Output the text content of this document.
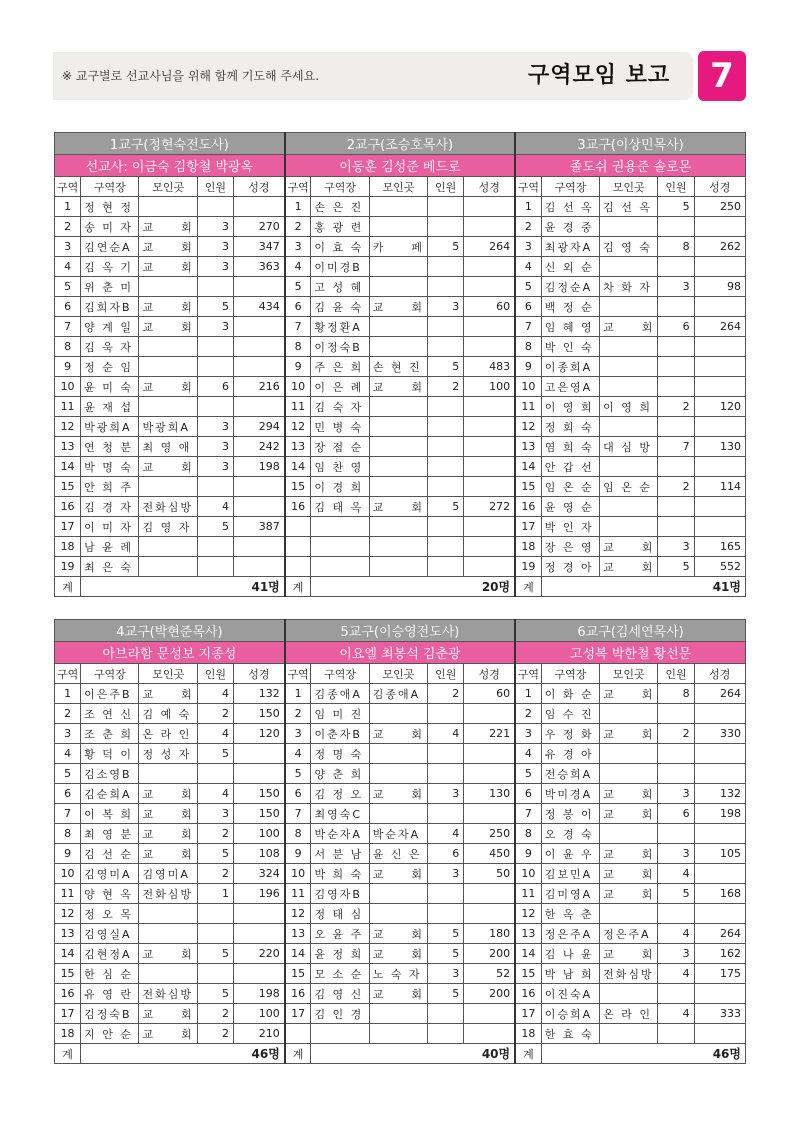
※ 교구별로 선교사님을 위해 함께 기도해 주세요.	구역모임 보고	7
1교구(정현숙전도사)					2교구(조승호목사)					3교구(이상민목사)				
선교사: 이금숙 김항철 박광옥					이동훈 김성준 베드로					졸도쉬 권용준 솔로몬				
구역	구역장	모인곳	인원	성경	구역	구역장	모인곳	인원	성경	구역	구역장	모인곳	인원	성경
1	정 현 정				1	손 은 진				1	김 선 옥	김 선 옥	5	250
2	송 미 자	교　　회	3	270	2	홍 광 련				2	윤 경 중			
3	김연순A	교　　회	3	347	3	이 효 숙	카　　페	5	264	3	최광자A	김 영 숙	8	262
4	김 옥 기	교　　회	3	363	4	이미경B				4	신 외 순			
5	위 춘 미				5	고 성 혜				5	김정순A	차 화 자	3	98
6	김희자B	교　　회	5	434	6	김 윤 숙	교　　회	3	60	6	백 정 순			
7	양 계 일	교　　회	3		7	황정환A				7	임 혜 영	교　　회	6	264
8	김 욱 자				8	이정숙B				8	박 인 숙			
9	정 순 임				9	주 은 희	손 현 진	5	483	9	이종희A			
10	윤 미 숙	교　　회	6	216	10	이 은 례	교　　회	2	100	10	고은영A			
11	윤 재 섭				11	김 숙 자				11	이 영 희	이 영 희	2	120
12	박광희A	박광희A	3	294	12	민 병 숙				12	정 회 숙			
13	연 청 분	최 영 애	3	242	13	장 점 순				13	염 희 숙	대 심 방	7	130
14	박 명 숙	교　　회	3	198	14	임 찬 영				14	안 갑 선			
15	안 희 주				15	이 경 희				15	임 온 순	임 온 순	2	114
16	김 경 자	전화심방	4		16	김 태 옥	교　　회	5	272	16	윤 영 순			
17	이 미 자	김 영 자	5	387						17	박 인 자			
18	남 윤 례									18	장 은 영	교　　회	3	165
19	최 은 숙									19	정 경 아	교　　회	5	552
계	41명				계	20명				계	41명			
4교구(박현준목사)					5교구(이승영전도사)					6교구(김세연목사)				
아브라함 문성보 지종성					이요엘 최봉석 김춘광					고성복 박한철 황선문				
구역	구역장	모인곳	인원	성경	구역	구역장	모인곳	인원	성경	구역	구역장	모인곳	인원	성경
1	이은주B	교　　회	4	132	1	김종애A	김종애A	2	60	1	이 화 순	교　　회	8	264
2	조 연 신	김 예 숙	2	150	2	임 미 진				2	임 수 진			
3	조 춘 희	온 라 인	4	120	3	이춘자B	교　　회	4	221	3	우 정 화	교　　회	2	330
4	황 덕 이	정 성 자	5		4	정 명 숙				4	유 경 아			
5	김소영B				5	양 춘 희				5	전승희A			
6	김순희A	교　　회	4	150	6	김 정 오	교　　회	3	130	6	박미경A	교　　회	3	132
7	이 복 희	교　　회	3	150	7	최영숙C				7	정 봉 이	교　　회	6	198
8	최 영 분	교　　회	2	100	8	박순자A	박순자A	4	250	8	오 경 숙			
9	김 선 순	교　　회	5	108	9	서 분 남	윤 신 은	6	450	9	이 윤 우	교　　회	3	105
10	김영미A	김영미A	2	324	10	박 희 숙	교　　회	3	50	10	김보민A	교　　회	4	
11	양 현 옥	전화심방	1	196	11	김영자B				11	김미영A	교　　회	5	168
12	정 오 목				12	정 태 심				12	한 옥 춘			
13	김영실A				13	오 윤 주	교　　회	5	180	13	정은주A	정은주A	4	264
14	김현정A	교　　회	5	220	14	윤 정 희	교　　회	5	200	14	김 나 윤	교　　회	3	162
15	한 심 순				15	모 소 순	노 숙 자	3	52	15	박 남 희	전화심방	4	175
16	유 영 란	전화심방	5	198	16	김 영 신	교　　회	5	200	16	이진숙A			
17	김정숙B	교　　회	2	100	17	김 인 경				17	이승희A	온 라 인	4	333
18	지 안 순	교　　회	2	210						18	한 효 숙			
계	46명				계	40명				계	46명			
